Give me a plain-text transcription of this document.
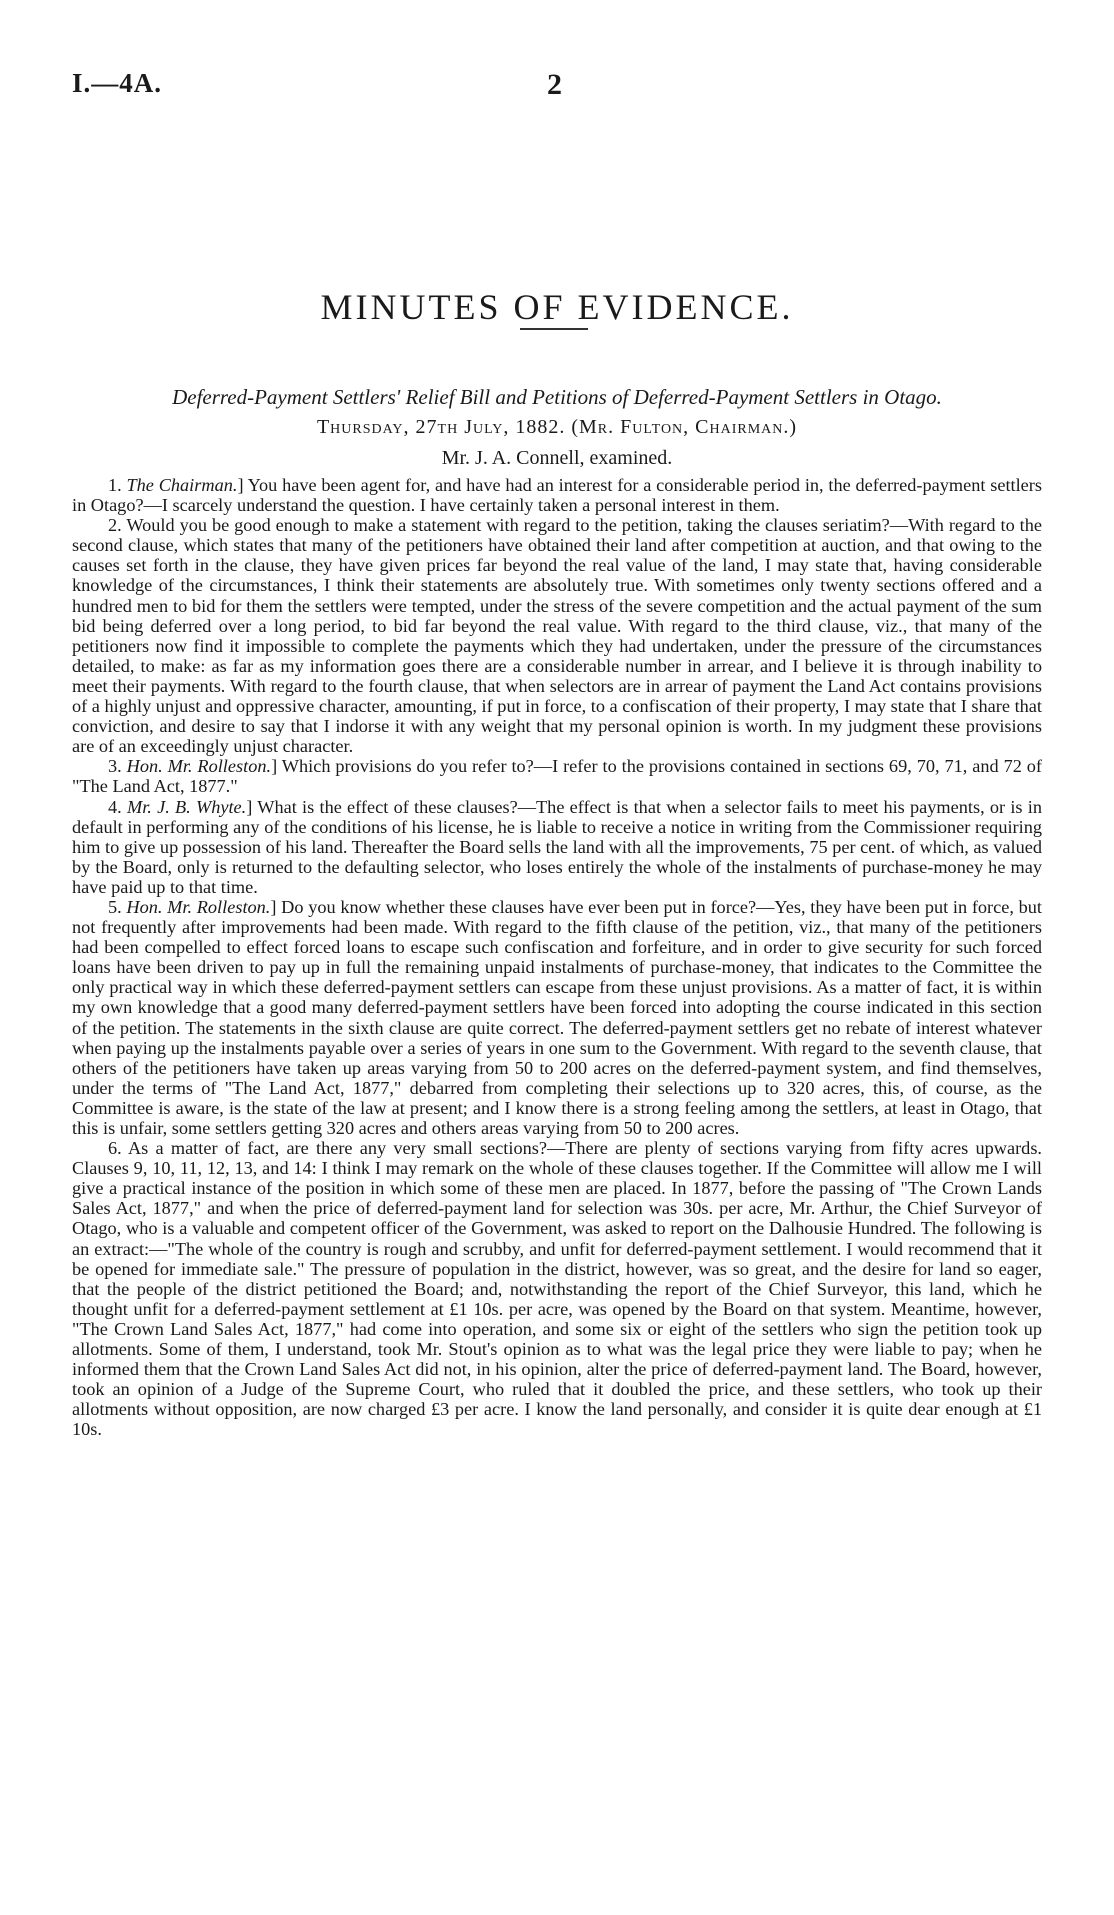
I.—4A.	2
MINUTES OF EVIDENCE.
Deferred-Payment Settlers' Relief Bill and Petitions of Deferred-Payment Settlers in Otago.
Thursday, 27th July, 1882. (Mr. Fulton, Chairman.)
Mr. J. A. Connell, examined.

1. The Chairman.] You have been agent for, and have had an interest for a considerable period in, the deferred-payment settlers in Otago?—I scarcely understand the question. I have certainly taken a personal interest in them.

2. Would you be good enough to make a statement with regard to the petition, taking the clauses seriatim?—With regard to the second clause, which states that many of the petitioners have obtained their land after competition at auction, and that owing to the causes set forth in the clause, they have given prices far beyond the real value of the land, I may state that, having considerable knowledge of the circumstances, I think their statements are absolutely true. With sometimes only twenty sections offered and a hundred men to bid for them the settlers were tempted, under the stress of the severe competition and the actual payment of the sum bid being deferred over a long period, to bid far beyond the real value. With regard to the third clause, viz., that many of the petitioners now find it impossible to complete the payments which they had undertaken, under the pressure of the circumstances detailed, to make: as far as my information goes there are a considerable number in arrear, and I believe it is through inability to meet their payments. With regard to the fourth clause, that when selectors are in arrear of payment the Land Act contains provisions of a highly unjust and oppressive character, amounting, if put in force, to a confiscation of their property, I may state that I share that conviction, and desire to say that I indorse it with any weight that my personal opinion is worth. In my judgment these provisions are of an exceedingly unjust character.

3. Hon. Mr. Rolleston.] Which provisions do you refer to?—I refer to the provisions contained in sections 69, 70, 71, and 72 of "The Land Act, 1877."

4. Mr. J. B. Whyte.] What is the effect of these clauses?—The effect is that when a selector fails to meet his payments, or is in default in performing any of the conditions of his license, he is liable to receive a notice in writing from the Commissioner requiring him to give up possession of his land. Thereafter the Board sells the land with all the improvements, 75 per cent. of which, as valued by the Board, only is returned to the defaulting selector, who loses entirely the whole of the instalments of purchase-money he may have paid up to that time.

5. Hon. Mr. Rolleston.] Do you know whether these clauses have ever been put in force?—Yes, they have been put in force, but not frequently after improvements had been made. With regard to the fifth clause of the petition, viz., that many of the petitioners had been compelled to effect forced loans to escape such confiscation and forfeiture, and in order to give security for such forced loans have been driven to pay up in full the remaining unpaid instalments of purchase-money, that indicates to the Committee the only practical way in which these deferred-payment settlers can escape from these unjust provisions. As a matter of fact, it is within my own knowledge that a good many deferred-payment settlers have been forced into adopting the course indicated in this section of the petition. The statements in the sixth clause are quite correct. The deferred-payment settlers get no rebate of interest whatever when paying up the instalments payable over a series of years in one sum to the Government. With regard to the seventh clause, that others of the petitioners have taken up areas varying from 50 to 200 acres on the deferred-payment system, and find themselves, under the terms of "The Land Act, 1877," debarred from completing their selections up to 320 acres, this, of course, as the Committee is aware, is the state of the law at present; and I know there is a strong feeling among the settlers, at least in Otago, that this is unfair, some settlers getting 320 acres and others areas varying from 50 to 200 acres.

6. As a matter of fact, are there any very small sections?—There are plenty of sections varying from fifty acres upwards. Clauses 9, 10, 11, 12, 13, and 14: I think I may remark on the whole of these clauses together. If the Committee will allow me I will give a practical instance of the position in which some of these men are placed. In 1877, before the passing of "The Crown Lands Sales Act, 1877," and when the price of deferred-payment land for selection was 30s. per acre, Mr. Arthur, the Chief Surveyor of Otago, who is a valuable and competent officer of the Government, was asked to report on the Dalhousie Hundred. The following is an extract:—"The whole of the country is rough and scrubby, and unfit for deferred-payment settlement. I would recommend that it be opened for immediate sale." The pressure of population in the district, however, was so great, and the desire for land so eager, that the people of the district petitioned the Board; and, notwithstanding the report of the Chief Surveyor, this land, which he thought unfit for a deferred-payment settlement at £1 10s. per acre, was opened by the Board on that system. Meantime, however, "The Crown Land Sales Act, 1877," had come into operation, and some six or eight of the settlers who sign the petition took up allotments. Some of them, I understand, took Mr. Stout's opinion as to what was the legal price they were liable to pay; when he informed them that the Crown Land Sales Act did not, in his opinion, alter the price of deferred-payment land. The Board, however, took an opinion of a Judge of the Supreme Court, who ruled that it doubled the price, and these settlers, who took up their allotments without opposition, are now charged £3 per acre. I know the land personally, and consider it is quite dear enough at £1 10s.
